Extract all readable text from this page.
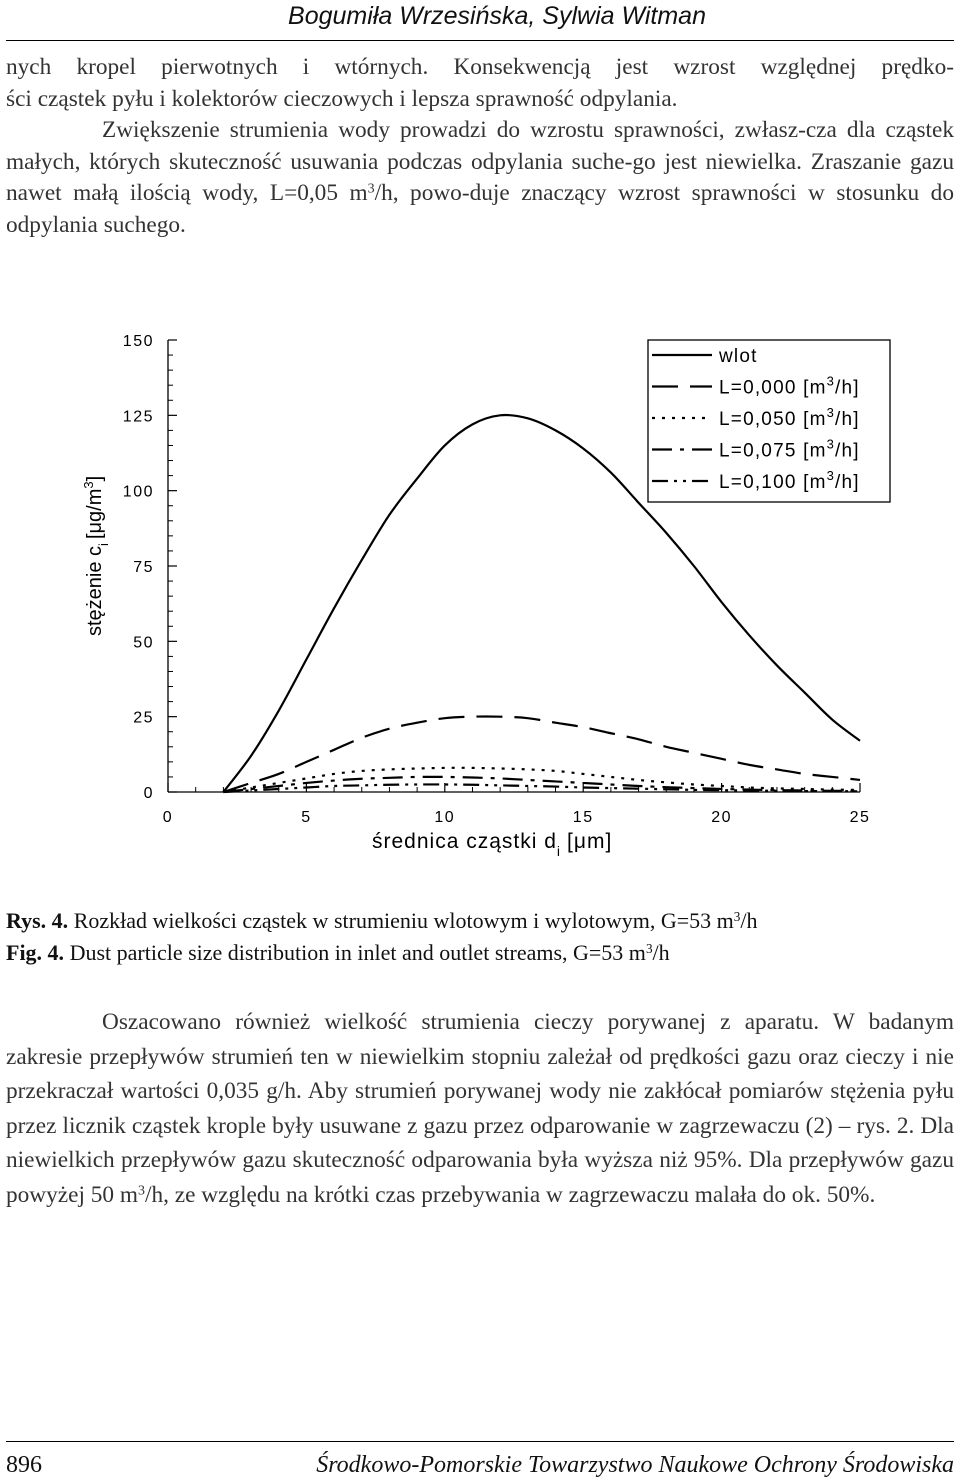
Bogumiła Wrzesińska, Sylwia Witman

nych kropel pierwotnych i wtórnych. Konsekwencją jest wzrost względnej prędko-

ści cząstek pyłu i kolektorów cieczowych i lepsza sprawność odpylania.

Zwiększenie strumienia wody prowadzi do wzrostu sprawności, zwłasz-cza dla cząstek małych, których skuteczność usuwania podczas odpylania suche-go jest niewielka. Zraszanie gazu nawet małą ilością wody, L=0,05 $m^3/h$, powo-duje znaczący wzrost sprawności w stosunku do odpylania suchego.

0
25
50
75
100
125
150
0	5	10	15	20	25
wlot
L=0,000 $[m^3/h]$
L=0,050 $[m^3/h]$
L=0,075 $[m^3/h]$
L=0,100 $[m^3/h]$
średnica cząstki $d_i$ [μm]
stężenie $c_i[\mu g/m^3]$
Rys. 4. Rozkład wielkości cząstek w strumieniu wlotowym i wylotowym, G=53 $m^3/h$
Fig. 4. Dust particle size distribution in inlet and outlet streams, G=53 $m^3/h$

Oszacowano również wielkość strumienia cieczy porywanej z aparatu. W badanym zakresie przepływów strumień ten w niewielkim stopniu zależał od prędkości gazu oraz cieczy i nie przekraczał wartości 0,035 g/h. Aby strumień porywanej wody nie zakłócał pomiarów stężenia pyłu przez licznik cząstek krople były usuwane z gazu przez odparowanie w zagrzewaczu (2) – rys. 2. Dla niewielkich przepływów gazu skuteczność odparowania była wyższa niż 95%. Dla przepływów gazu powyżej 50 $m^3/h$, ze względu na krótki czas przebywania w zagrzewaczu malała do ok. 50%.

896	Środkowo-Pomorskie Towarzystwo Naukowe Ochrony Środowiska
